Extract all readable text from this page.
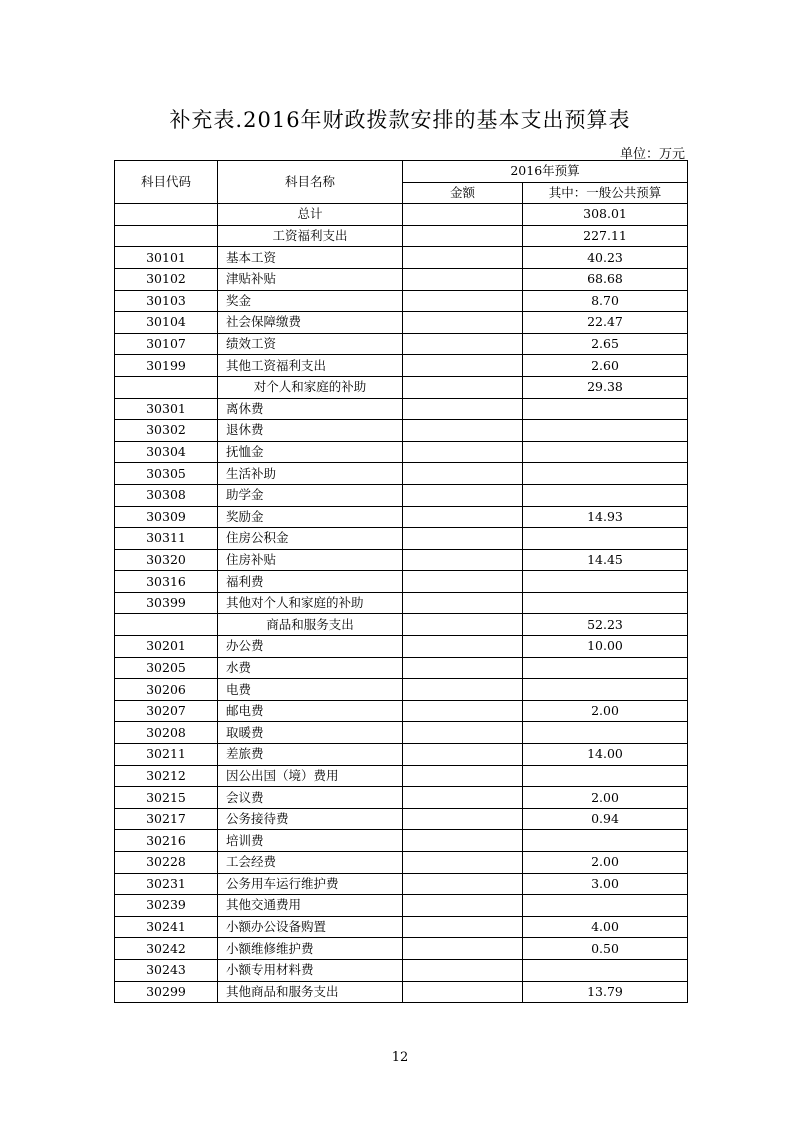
补充表.2016年财政拨款安排的基本支出预算表
单位：万元
科目代码	科目名称	2016年预算	
		金额	其中：一般公共预算
	总计		308.01
	工资福利支出		227.11
30101	基本工资		40.23
30102	津贴补贴		68.68
30103	奖金		8.70
30104	社会保障缴费		22.47
30107	绩效工资		2.65
30199	其他工资福利支出		2.60
	对个人和家庭的补助		29.38
30301	离休费		
30302	退休费		
30304	抚恤金		
30305	生活补助		
30308	助学金		
30309	奖励金		14.93
30311	住房公积金		
30320	住房补贴		14.45
30316	福利费		
30399	其他对个人和家庭的补助		
	商品和服务支出		52.23
30201	办公费		10.00
30205	水费		
30206	电费		
30207	邮电费		2.00
30208	取暖费		
30211	差旅费		14.00
30212	因公出国（境）费用		
30215	会议费		2.00
30217	公务接待费		0.94
30216	培训费		
30228	工会经费		2.00
30231	公务用车运行维护费		3.00
30239	其他交通费用		
30241	小额办公设备购置		4.00
30242	小额维修维护费		0.50
30243	小额专用材料费		
30299	其他商品和服务支出		13.79
12
